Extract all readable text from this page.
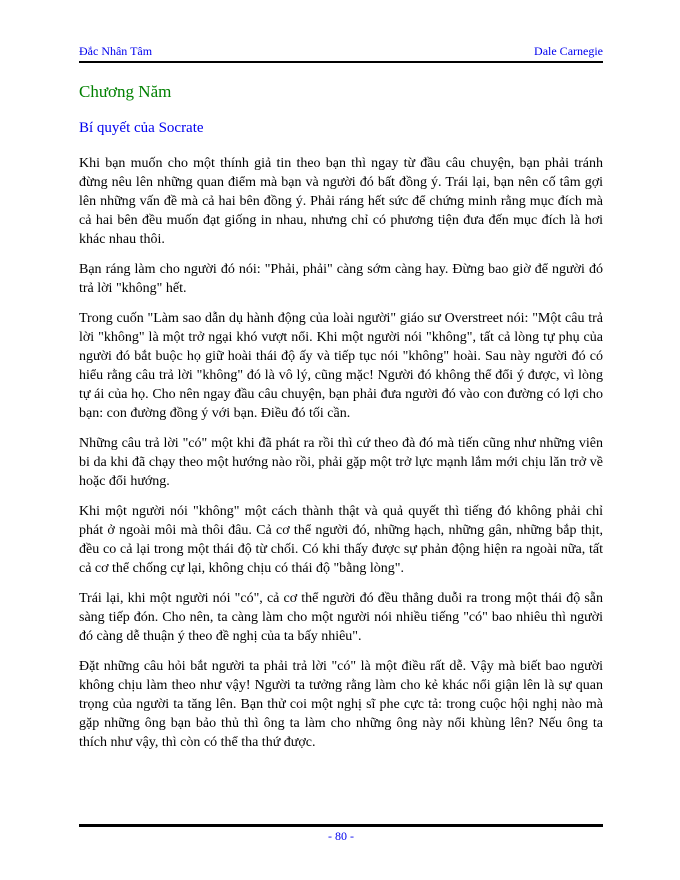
Đắc Nhân Tâm	Dale Carnegie
Chương Năm
Bí quyết của Socrate

Khi bạn muốn cho một thính giả tin theo bạn thì ngay từ đầu câu chuyện, bạn phải tránh đừng nêu lên những quan điểm mà bạn và người đó bất đồng ý. Trái lại, bạn nên cố tâm gợi lên những vấn đề mà cả hai bên đồng ý. Phải ráng hết sức để chứng minh rằng mục đích mà cả hai bên đều muốn đạt giống in nhau, nhưng chỉ có phương tiện đưa đến mục đích là hơi khác nhau thôi.

Bạn ráng làm cho người đó nói: "Phải, phải" càng sớm càng hay. Đừng bao giờ để người đó trả lời "không" hết.

Trong cuốn "Làm sao dẫn dụ hành động của loài người" giáo sư Overstreet nói: "Một câu trả lời "không" là một trở ngại khó vượt nổi. Khi một người nói "không", tất cả lòng tự phụ của người đó bắt buộc họ giữ hoài thái độ ấy và tiếp tục nói "không" hoài. Sau này người đó có hiểu rằng câu trả lời "không" đó là vô lý, cũng mặc! Người đó không thể đổi ý được, vì lòng tự ái của họ. Cho nên ngay đầu câu chuyện, bạn phải đưa người đó vào con đường có lợi cho bạn: con đường đồng ý với bạn. Điều đó tối cần.

Những câu trả lời "có" một khi đã phát ra rồi thì cứ theo đà đó mà tiến cũng như những viên bi da khi đã chạy theo một hướng nào rồi, phải gặp một trở lực mạnh lắm mới chịu lăn trở về hoặc đổi hướng.

Khi một người nói "không" một cách thành thật và quả quyết thì tiếng đó không phải chỉ phát ở ngoài môi mà thôi đâu. Cả cơ thể người đó, những hạch, những gân, những bắp thịt, đều co cả lại trong một thái độ từ chối. Có khi thấy được sự phản động hiện ra ngoài nữa, tất cả cơ thể chống cự lại, không chịu có thái độ "bằng lòng".

Trái lại, khi một người nói "có", cả cơ thể người đó đều thẳng duỗi ra trong một thái độ sẵn sàng tiếp đón. Cho nên, ta càng làm cho một người nói nhiều tiếng "có" bao nhiêu thì người đó càng dễ thuận ý theo đề nghị của ta bấy nhiêu".

Đặt những câu hỏi bắt người ta phải trả lời "có" là một điều rất dễ. Vậy mà biết bao người không chịu làm theo như vậy! Người ta tưởng rằng làm cho kẻ khác nổi giận lên là sự quan trọng của người ta tăng lên. Bạn thử coi một nghị sĩ phe cực tả: trong cuộc hội nghị nào mà gặp những ông bạn bảo thủ thì ông ta làm cho những ông này nổi khùng lên? Nếu ông ta thích như vậy, thì còn có thể tha thứ được.

- 80 -
